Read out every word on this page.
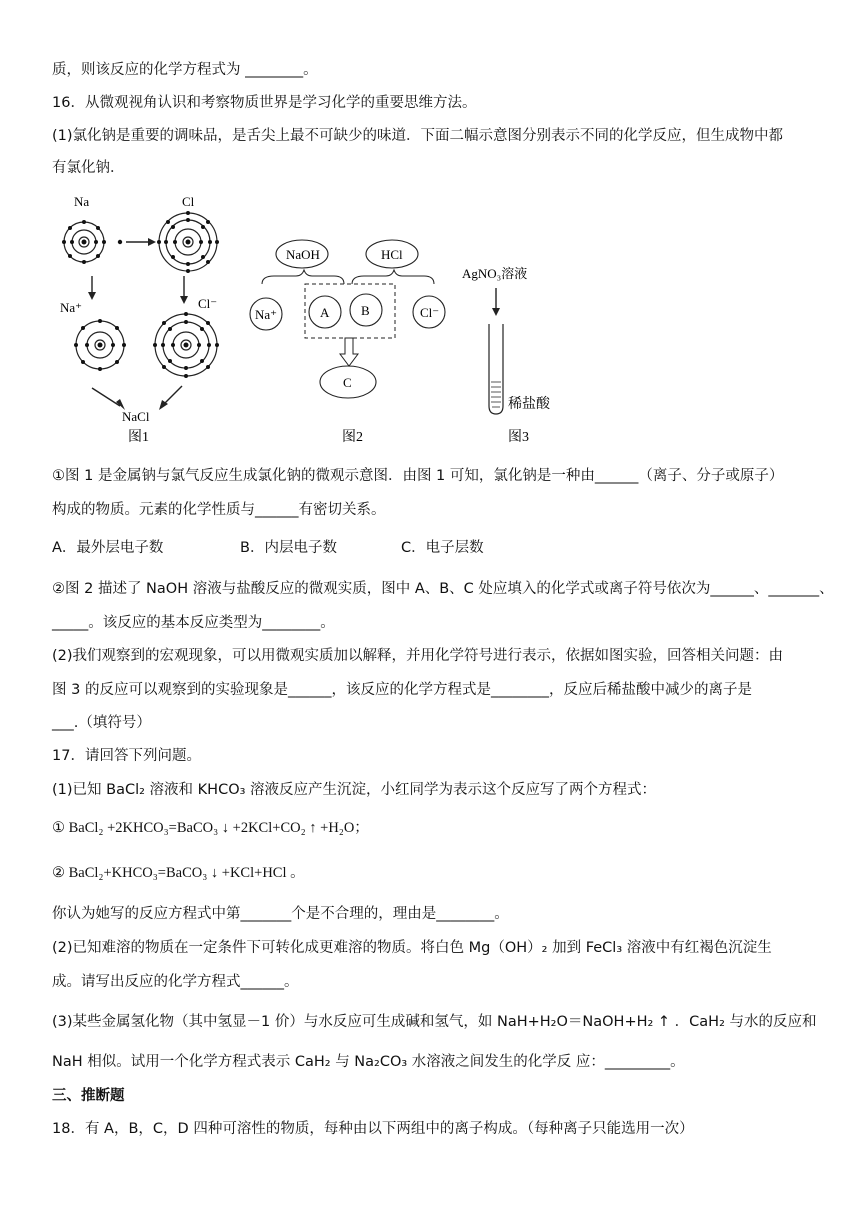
质，则该反应的化学方程式为 ________。
16．从微观视角认识和考察物质世界是学习化学的重要思维方法。
(1)氯化钠是重要的调味品，是舌尖上最不可缺少的味道．下面二幅示意图分别表示不同的化学反应，但生成物中都
有氯化钠．
Na	Cl
Na⁺	Cl⁻
NaCl
图1
NaOH	HCl
Na⁺	A B	Cl⁻
C
图2
AgNO₃溶液
稀盐酸
图3
①图 1 是金属钠与氯气反应生成氯化钠的微观示意图．由图 1 可知，氯化钠是一种由______（离子、分子或原子）
构成的物质。元素的化学性质与______有密切关系。
A．最外层电子数	B．内层电子数	C．电子层数
②图 2 描述了 NaOH 溶液与盐酸反应的微观实质，图中 A、B、C 处应填入的化学式或离子符号依次为______、_______、
_____。该反应的基本反应类型为________。
(2)我们观察到的宏观现象，可以用微观实质加以解释，并用化学符号进行表示，依据如图实验，回答相关问题：由
图 3 的反应可以观察到的实验现象是______，该反应的化学方程式是________，反应后稀盐酸中减少的离子是
___.（填符号）
17．请回答下列问题。
(1)已知 BaCl₂ 溶液和 KHCO₃ 溶液反应产生沉淀，小红同学为表示这个反应写了两个方程式：
① BaCl₂ +2KHCO₃=BaCO₃ ↓ +2KCl+CO₂ ↑ +H₂O；
② BaCl₂+KHCO₃=BaCO₃ ↓ +KCl+HCl 。
你认为她写的反应方程式中第_______个是不合理的，理由是________。
(2)已知难溶的物质在一定条件下可转化成更难溶的物质。将白色 Mg（OH）₂ 加到 FeCl₃ 溶液中有红褐色沉淀生
成。请写出反应的化学方程式______。
(3)某些金属氢化物（其中氢显－1 价）与水反应可生成碱和氢气，如 NaH+H₂O＝NaOH+H₂ ↑ ．CaH₂ 与水的反应和
NaH 相似。试用一个化学方程式表示 CaH₂ 与 Na₂CO₃ 水溶液之间发生的化学反 应：_________。
三、推断题
18．有 A，B，C，D 四种可溶性的物质，每种由以下两组中的离子构成。（每种离子只能选用一次）
